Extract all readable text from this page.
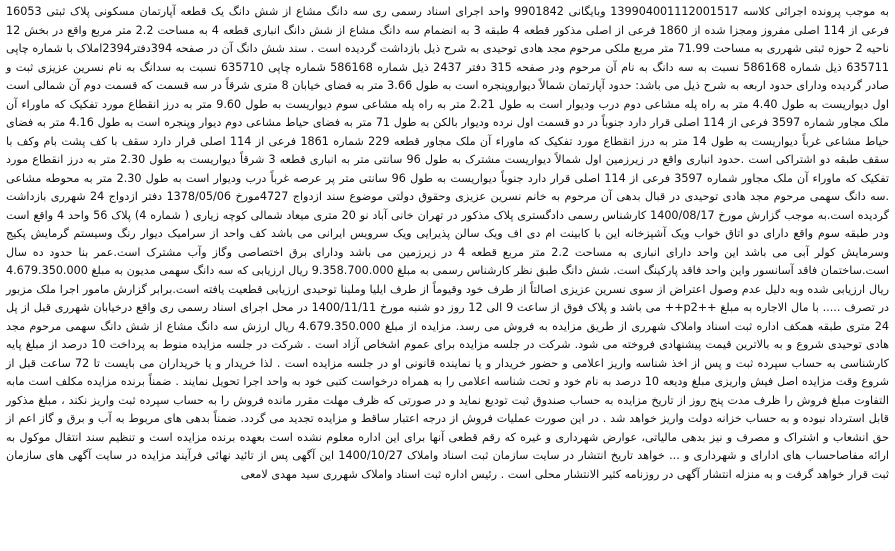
به موجب پرونده اجرائی کلاسه 139904001112001517 وبایگانی 9901842 واحد اجرای اسناد رسمی ری سه دانگ مشاع از شش دانگ یک قطعه آپارتمان مسکونی پلاک ثبتی 16053 فرعی از 114 اصلی مفروز ومجزا شده از 1860 فرعی از اصلی مذکور قطعه 4 طبقه 3 به انضمام سه دانگ مشاع از شش دانگ انباری قطعه 4 به مساحت 2.2 متر مربع واقع در بخش 12 ناحیه 2 حوزه ثبتی شهرری به مساحت 71.99 متر مربع ملکی مرحوم مجد هادی توحیدی به شرح ذیل بازداشت گردیده است . سند شش دانگ آن در صفحه 394دفتر2394املاک با شماره چاپی 635711 ذیل شماره 586168 نسبت به سه دانگ به نام آن مرحوم ودر صفحه 315 دفتر 2437 ذیل شماره 586168 شماره چاپی 635710 نسبت به سدانگ به نام نسرین عزیزی ثبت و صادر گردیده ودارای حدود اربعه به شرح ذیل می باشد: حدود آپارتمان شمالاً دیواروپنجره است به طول 3.66 متر به فضای خیابان 8 متری شرقاً در سه قسمت که قسمت دوم آن شمالی است اول دیواریست به طول 4.40 متر به راه پله مشاعی دوم درب ودیوار است به طول 2.21 متر به راه پله مشاعی سوم دیواریست به طول 9.60 متر به درز انقطاع مورد تفکیک که ماوراء آن ملک مجاور شماره 3597 فرعی از 114 اصلی قرار دارد جنوباً در دو قسمت اول نرده ودیوار بالکن به طول 71 متر به فضای حیاط مشاعی دوم دیوار وپنجره است به طول 4.16 متر به فضای حیاط مشاعی غرباً دیواریست به طول 14 متر به درز انقطاع مورد تفکیک که ماوراء آن ملک مجاور قطعه 229 شماره 1861 فرعی از 114 اصلی قرار دارد سقف با کف پشت بام وکف با سقف طبقه دو اشتراکی است .حدود انباری واقع در زیرزمین اول شمالاً دیواریست مشترک به طول 96 سانتی متر به انباری قطعه 3 شرقاً دیواریست به طول 2.30 متر به درز انقطاع مورد تفکیک که ماوراء آن ملک مجاور شماره 3597 فرعی از 114 اصلی قرار دارد جنوباً دیواریست به طول 96 سانتی متر پر عرصه غرباً درب ودیوار است به طول 2.30 متر به محوطه مشاعی .سه دانگ سهمی مرحوم مجد هادی توحیدی در قبال بدهی آن مرحوم به خانم نسرین عزیزی وحقوق دولتی موضوع سند ازدواج 4727مورخ 1378/05/06 دفتر ازدواج 24 شهرری بازداشت گردیده است.به موجب گزارش مورخ 1400/08/17 کارشناس رسمی دادگستری پلاک مذکور در تهران خانی آباد نو 20 متری میعاد شمالی کوچه زیاری ( شماره 4) پلاک 56 واحد 4 واقع است ودر طبقه سوم واقع دارای دو اتاق خواب ویک آشپزخانه این با کابینت ام دی اف ویک سالن پذیرایی ویک سرویس ایرانی می باشد کف واحد از سرامیک دیوار رنگ وسیستم گرمایش پکیج وسرمایش کولر آبی می باشد این واحد دارای انباری به مساحت 2.2 متر مربع قطعه 4 در زیرزمین می باشد ودارای برق اختصاصی وگاز وآب مشترک است.عمر بنا حدود ده سال است.ساختمان فاقد آسانسور واین واحد فاقد پارکینگ است. شش دانگ طبق نظر کارشناس رسمی به مبلغ 9.358.700.000 ریال ارزیابی که سه دانگ سهمی مدیون به مبلغ 4.679.350.000 ریال ارزیابی شده وبه دلیل عدم وصول اعتراض از سوی نسرین عزیزی اصالتاً از طرف خود وقیوماً از طرف ایلیا وملینا توحیدی ارزیابی قطعیت یافته است.برابر گزارش مامور اجرا ملک مزبور در تصرف ..... با مال الاجاره به مبلغ ++p2++ می باشد و پلاک فوق از ساعت 9 الی 12 روز دو شنبه مورخ 1400/11/11 در محل اجرای اسناد رسمی ری واقع درخیابان شهرری قبل از پل 24 متری طبقه همکف اداره ثبت اسناد واملاک شهرری از طریق مزایده به فروش می رسد. مزایده از مبلغ 4.679.350.000 ریال ارزش سه دانگ مشاع از شش دانگ سهمی مرحوم مجد هادی توحیدی شروع و به بالاترین قیمت پیشنهادی فروخته می شود. شرکت در جلسه مزایده برای عموم اشخاص آزاد است . شرکت در جلسه مزایده منوط به پرداخت 10 درصد از مبلغ پایه کارشناسی به حساب سپرده ثبت و پس از اخذ شناسه واریز اعلامی و حضور خریدار و یا نماینده قانونی او در جلسه مزایده است . لذا خریدار و یا خریداران می بایست تا 72 ساعت قبل از شروع وقت مزایده اصل فیش واریزی مبلغ ودیعه 10 درصد به نام خود و تحت شناسه اعلامی را به همراه درخواست کتبی خود به واحد اجرا تحویل نمایند . ضمناً برنده مزایده مکلف است مابه التفاوت مبلغ فروش را ظرف مدت پنج روز از تاریخ مزایده به حساب صندوق ثبت تودیع نماید و در صورتی که ظرف مهلت مقرر مانده فروش را به حساب سپرده ثبت واریز نکند ، مبلغ مذکور قابل استرداد نبوده و به حساب خزانه دولت واریز خواهد شد . در این صورت عملیات فروش از درجه اعتبار ساقط و مزایده تجدید می گردد. ضمناً بدهی های مربوط به آب و برق و گاز اعم از حق انشعاب و اشتراک و مصرف و نیز بدهی مالیاتی، عوارض شهرداری و غیره که رقم قطعی آنها برای این اداره معلوم نشده است بعهده برنده مزایده است و تنظیم سند انتقال موکول به ارائه مفاصاحساب های ادارای و شهرداری و ... خواهد تاریخ انتشار در سایت سازمان ثبت اسناد واملاک 1400/10/27 این آگهی پس از تائید نهائی فرآیند مزایده در سایت آگهی های سازمان ثبت قرار خواهد گرفت و به منزله انتشار آگهی در روزنامه کثیر الانتشار محلی است . رئیس اداره ثبت اسناد واملاک شهرری سید مهدی لامعی
